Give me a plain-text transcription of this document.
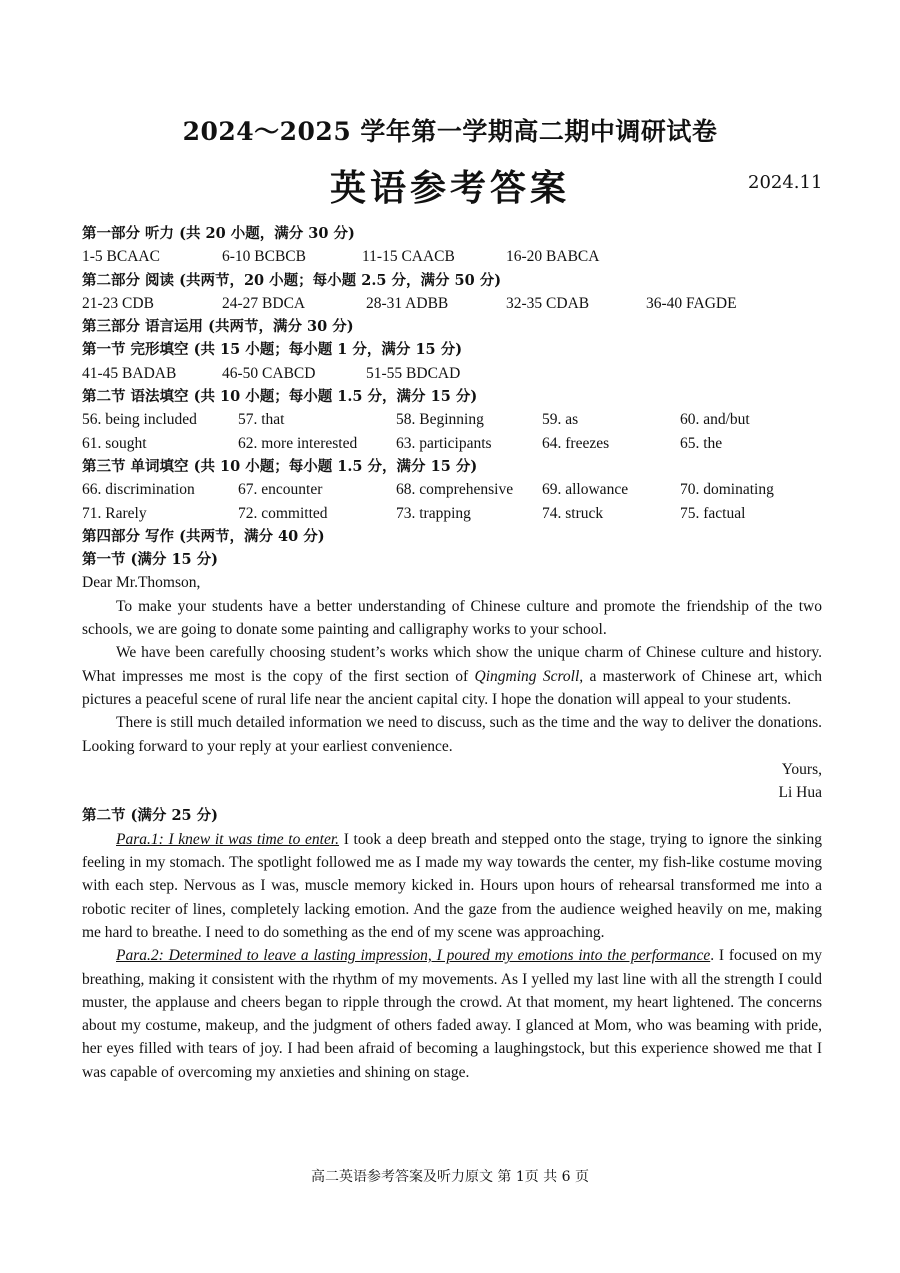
2024～2025 学年第一学期高二期中调研试卷
英语参考答案	2024.11
第一部分 听力 (共 20 小题，满分 30 分)
1-5 BCAAC	6-10 BCBCB	11-15 CAACB	16-20 BABCA
第二部分 阅读 (共两节，20 小题；每小题 2.5 分，满分 50 分)
21-23 CDB	24-27 BDCA	28-31 ADBB	32-35 CDAB	36-40 FAGDE
第三部分 语言运用 (共两节，满分 30 分)
第一节 完形填空 (共 15 小题；每小题 1 分，满分 15 分)
41-45 BADAB	46-50 CABCD	51-55 BDCAD
第二节 语法填空 (共 10 小题；每小题 1.5 分，满分 15 分)
56. being included	57. that	58. Beginning	59. as	60. and/but
61. sought	62. more interested	63. participants	64. freezes	65. the
第三节 单词填空 (共 10 小题；每小题 1.5 分，满分 15 分)
66. discrimination	67. encounter	68. comprehensive 69. allowance	70. dominating
71. Rarely	72. committed	73. trapping	74. struck	75. factual
第四部分 写作 (共两节，满分 40 分)
第一节 (满分 15 分)
Dear Mr.Thomson,

To make your students have a better understanding of Chinese culture and promote the friendship of the two schools, we are going to donate some painting and calligraphy works to your school.

We have been carefully choosing student’s works which show the unique charm of Chinese culture and history. What impresses me most is the copy of the first section of Qingming Scroll, a masterwork of Chinese art, which pictures a peaceful scene of rural life near the ancient capital city. I hope the donation will appeal to your students.

There is still much detailed information we need to discuss, such as the time and the way to deliver the donations. Looking forward to your reply at your earliest convenience.

Yours,
Li Hua
第二节 (满分 25 分)

Para.1: I knew it was time to enter. I took a deep breath and stepped onto the stage, trying to ignore the sinking feeling in my stomach. The spotlight followed me as I made my way towards the center, my fish-like costume moving with each step. Nervous as I was, muscle memory kicked in. Hours upon hours of rehearsal transformed me into a robotic reciter of lines, completely lacking emotion. And the gaze from the audience weighed heavily on me, making me hard to breathe. I need to do something as the end of my scene was approaching.

Para.2: Determined to leave a lasting impression, I poured my emotions into the performance. I focused on my breathing, making it consistent with the rhythm of my movements. As I yelled my last line with all the strength I could muster, the applause and cheers began to ripple through the crowd. At that moment, my heart lightened. The concerns about my costume, makeup, and the judgment of others faded away. I glanced at Mom, who was beaming with pride, her eyes filled with tears of joy. I had been afraid of becoming a laughingstock, but this experience showed me that I was capable of overcoming my anxieties and shining on stage.

高二英语参考答案及听力原文 第 1页 共 6 页
